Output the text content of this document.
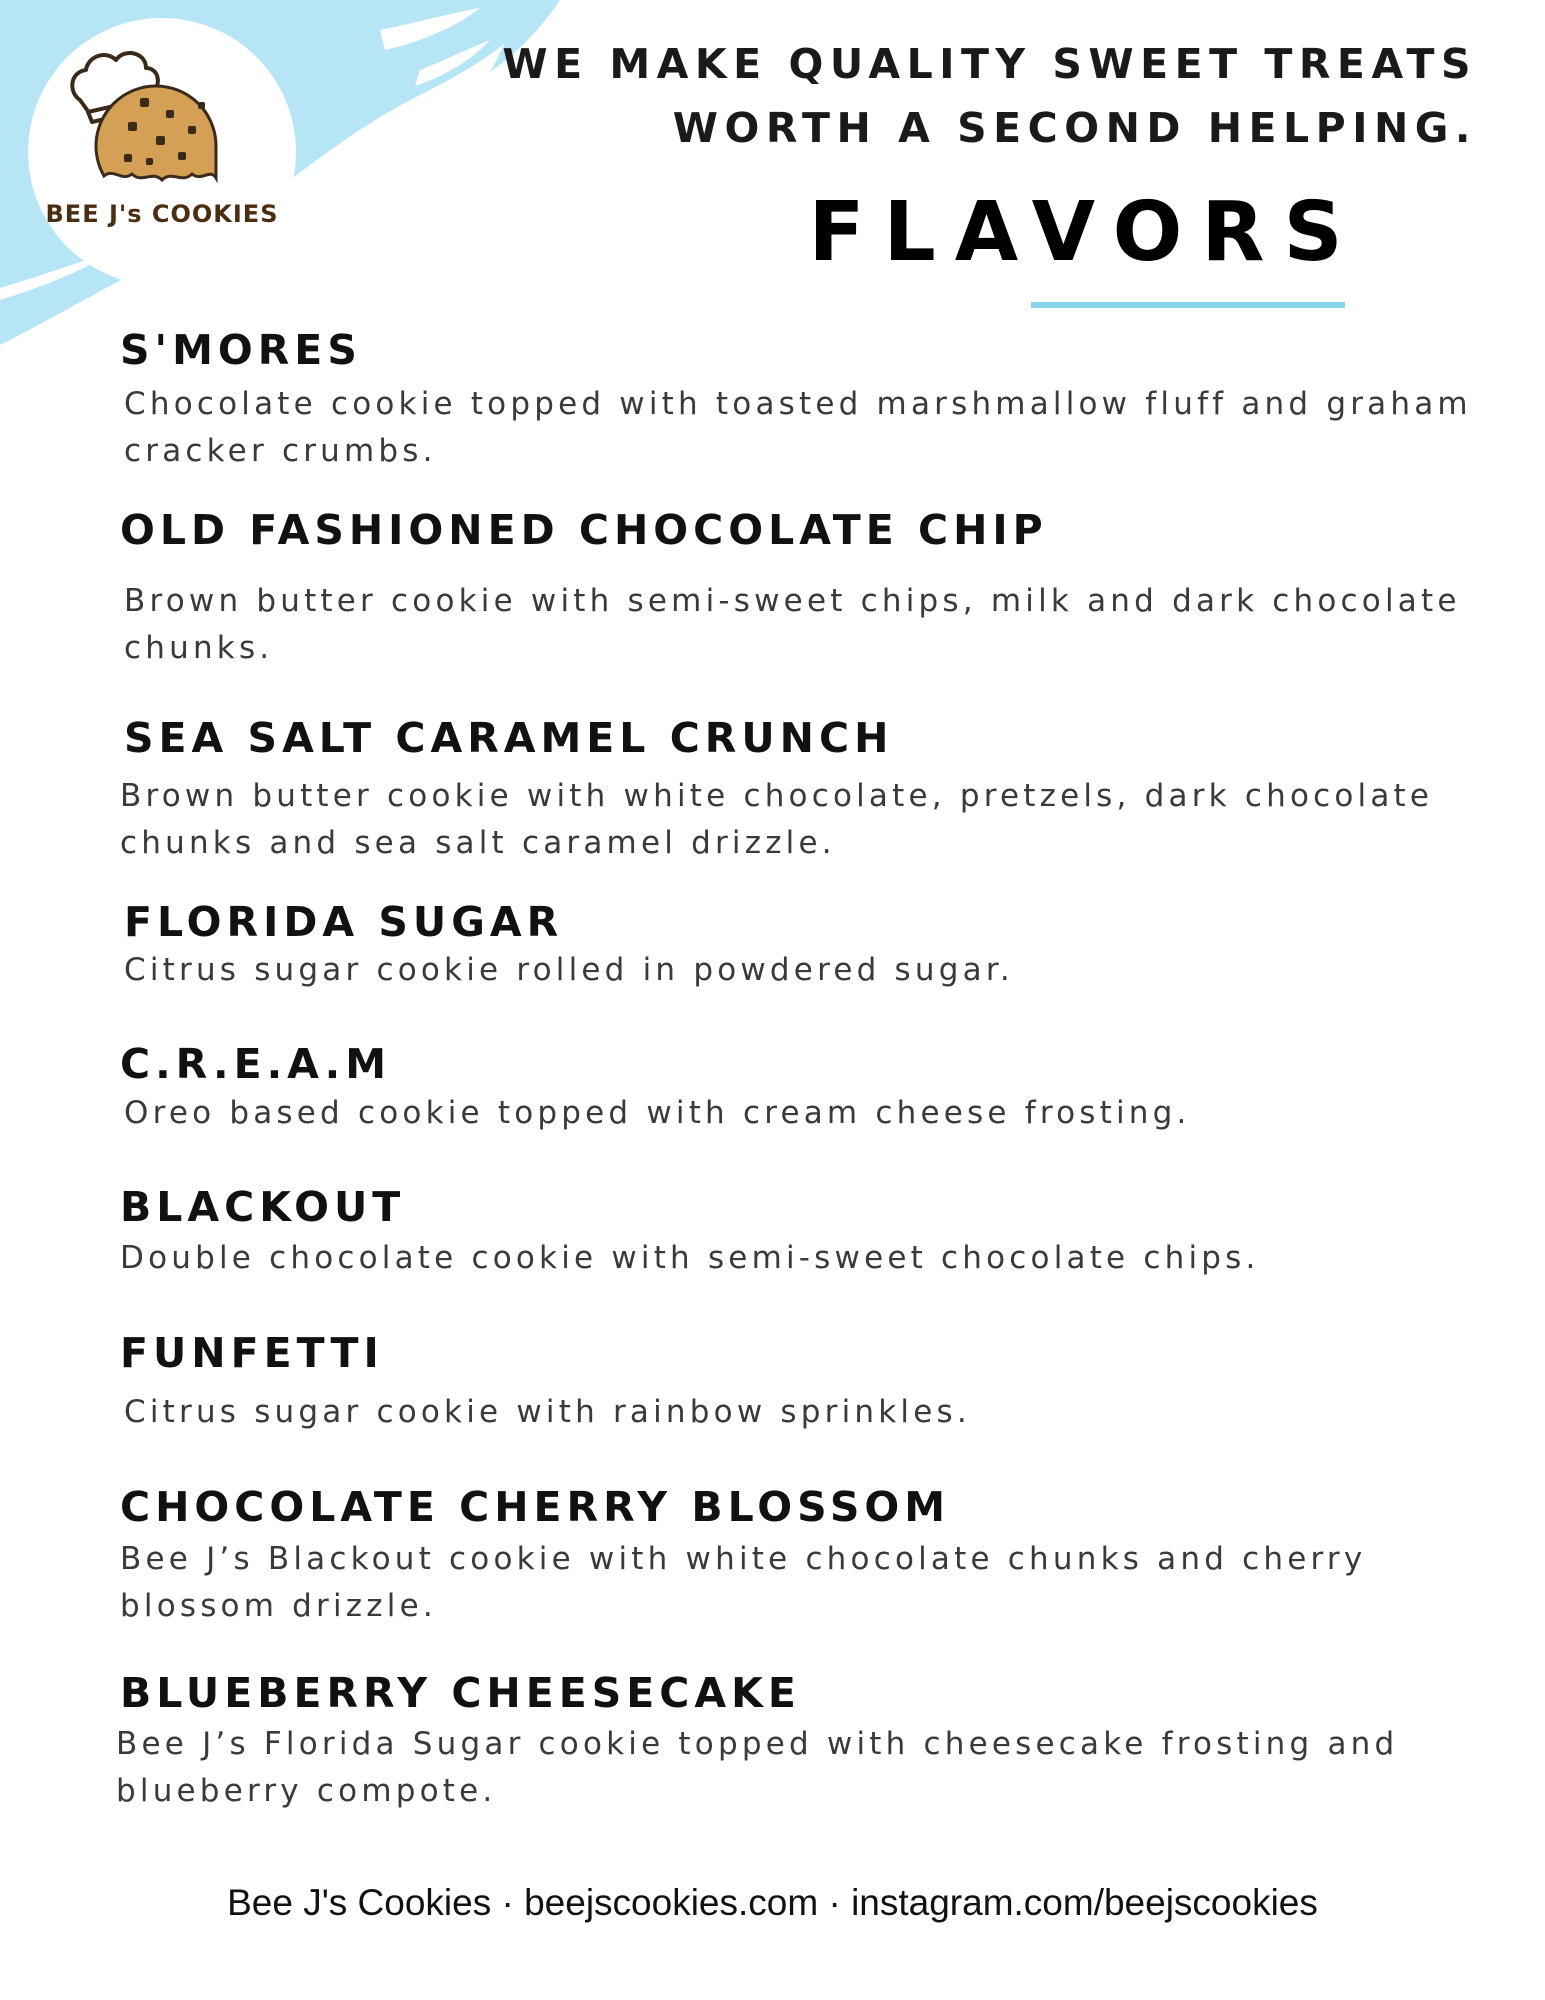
BEE J's COOKIES
WE MAKE QUALITY SWEET TREATS
WORTH A SECOND HELPING.
FLAVORS
S'MORES

Chocolate cookie topped with toasted marshmallow fluff and graham cracker crumbs.

OLD FASHIONED CHOCOLATE CHIP

Brown butter cookie with semi-sweet chips, milk and dark chocolate chunks.

SEA SALT CARAMEL CRUNCH

Brown butter cookie with white chocolate, pretzels, dark chocolate chunks and sea salt caramel drizzle.

FLORIDA SUGAR

Citrus sugar cookie rolled in powdered sugar.

C.R.E.A.M

Oreo based cookie topped with cream cheese frosting.

BLACKOUT

Double chocolate cookie with semi-sweet chocolate chips.

FUNFETTI

Citrus sugar cookie with rainbow sprinkles.

CHOCOLATE CHERRY BLOSSOM

Bee J’s Blackout cookie with white chocolate chunks and cherry blossom drizzle.

BLUEBERRY CHEESECAKE

Bee J’s Florida Sugar cookie topped with cheesecake frosting and blueberry compote.

Bee J's Cookies · beejscookies.com · instagram.com/beejscookies
